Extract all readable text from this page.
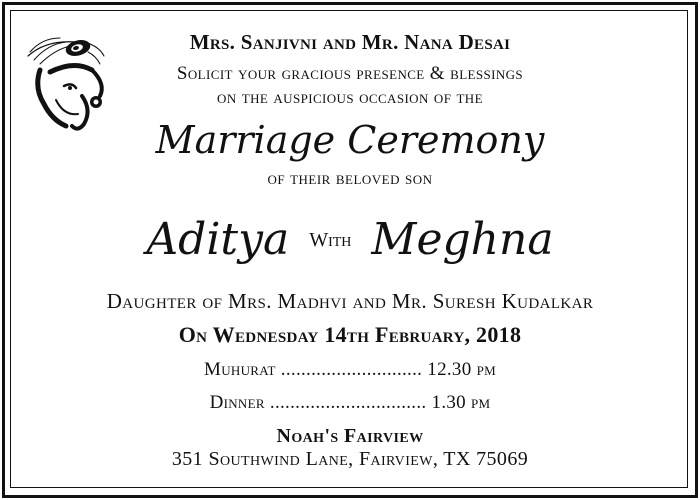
Mrs. Sanjivni and Mr. Nana Desai
Solicit your gracious presence & blessings
on the auspicious occasion of the
Marriage Ceremony
of their beloved son
Aditya With Meghna
Daughter of Mrs. Madhvi and Mr. Suresh Kudalkar
On Wednesday 14th February, 2018
Muhurat ............................ 12.30 pm
Dinner ............................... 1.30 pm
Noah's Fairview
351 Southwind Lane, Fairview, TX 75069
